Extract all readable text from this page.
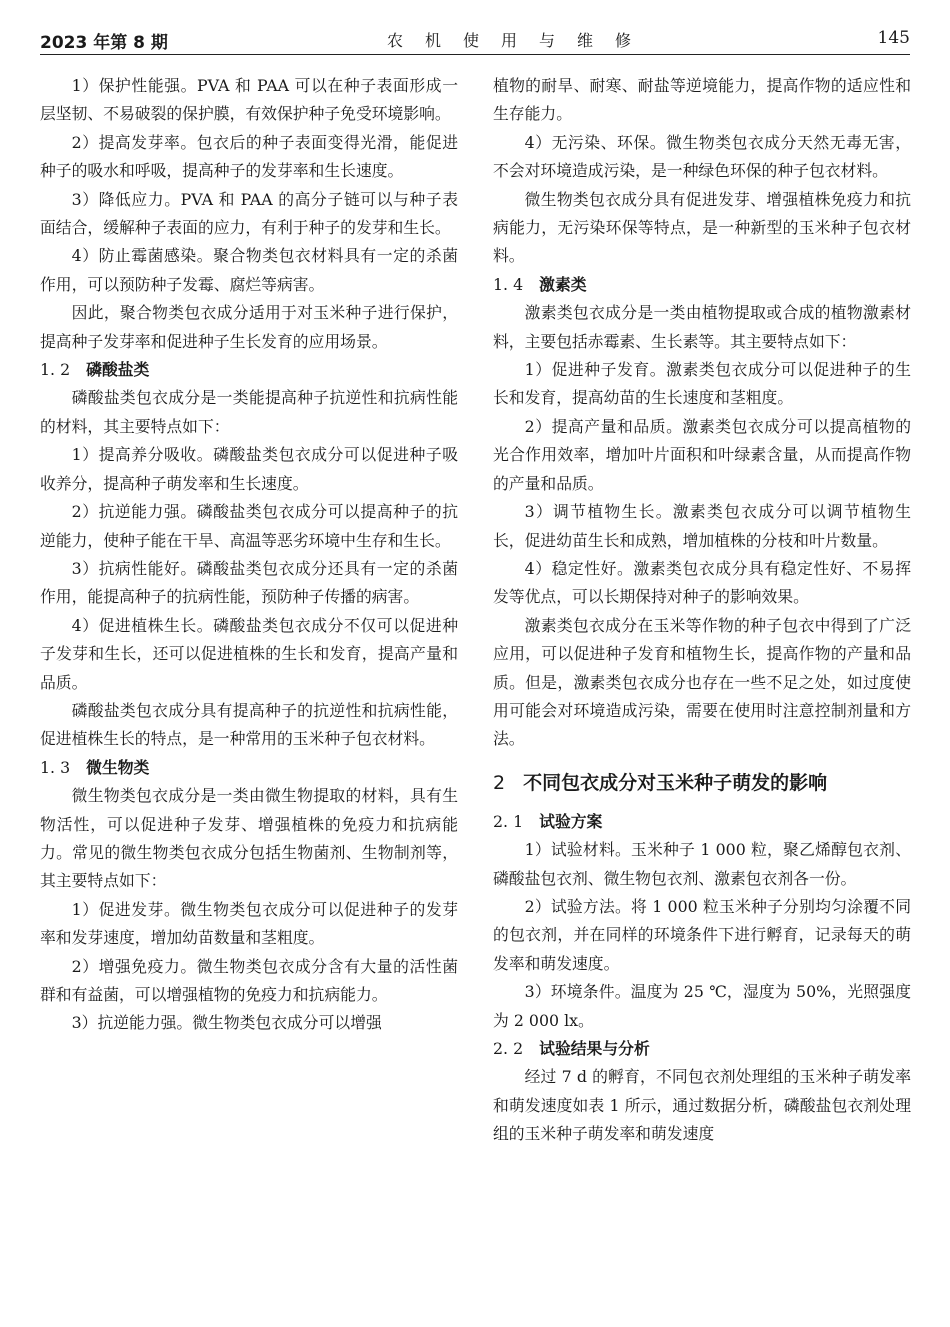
2023 年第 8 期	农机使用与维修	145

1）保护性能强。PVA 和 PAA 可以在种子表面形成一层坚韧、不易破裂的保护膜，有效保护种子免受环境影响。

2）提高发芽率。包衣后的种子表面变得光滑，能促进种子的吸水和呼吸，提高种子的发芽率和生长速度。

3）降低应力。PVA 和 PAA 的高分子链可以与种子表面结合，缓解种子表面的应力，有利于种子的发芽和生长。

4）防止霉菌感染。聚合物类包衣材料具有一定的杀菌作用，可以预防种子发霉、腐烂等病害。

因此，聚合物类包衣成分适用于对玉米种子进行保护，提高种子发芽率和促进种子生长发育的应用场景。

1. 2 磷酸盐类

磷酸盐类包衣成分是一类能提高种子抗逆性和抗病性能的材料，其主要特点如下：

1）提高养分吸收。磷酸盐类包衣成分可以促进种子吸收养分，提高种子萌发率和生长速度。

2）抗逆能力强。磷酸盐类包衣成分可以提高种子的抗逆能力，使种子能在干旱、高温等恶劣环境中生存和生长。

3）抗病性能好。磷酸盐类包衣成分还具有一定的杀菌作用，能提高种子的抗病性能，预防种子传播的病害。

4）促进植株生长。磷酸盐类包衣成分不仅可以促进种子发芽和生长，还可以促进植株的生长和发育，提高产量和品质。

磷酸盐类包衣成分具有提高种子的抗逆性和抗病性能，促进植株生长的特点，是一种常用的玉米种子包衣材料。

1. 3 微生物类

微生物类包衣成分是一类由微生物提取的材料，具有生物活性，可以促进种子发芽、增强植株的免疫力和抗病能力。常见的微生物类包衣成分包括生物菌剂、生物制剂等，其主要特点如下：

1）促进发芽。微生物类包衣成分可以促进种子的发芽率和发芽速度，增加幼苗数量和茎粗度。

2）增强免疫力。微生物类包衣成分含有大量的活性菌群和有益菌，可以增强植物的免疫力和抗病能力。

3）抗逆能力强。微生物类包衣成分可以增强

植物的耐旱、耐寒、耐盐等逆境能力，提高作物的适应性和生存能力。

4）无污染、环保。微生物类包衣成分天然无毒无害，不会对环境造成污染，是一种绿色环保的种子包衣材料。

微生物类包衣成分具有促进发芽、增强植株免疫力和抗病能力，无污染环保等特点，是一种新型的玉米种子包衣材料。

1. 4 激素类

激素类包衣成分是一类由植物提取或合成的植物激素材料，主要包括赤霉素、生长素等。其主要特点如下：

1）促进种子发育。激素类包衣成分可以促进种子的生长和发育，提高幼苗的生长速度和茎粗度。

2）提高产量和品质。激素类包衣成分可以提高植物的光合作用效率，增加叶片面积和叶绿素含量，从而提高作物的产量和品质。

3）调节植物生长。激素类包衣成分可以调节植物生长，促进幼苗生长和成熟，增加植株的分枝和叶片数量。

4）稳定性好。激素类包衣成分具有稳定性好、不易挥发等优点，可以长期保持对种子的影响效果。

激素类包衣成分在玉米等作物的种子包衣中得到了广泛应用，可以促进种子发育和植物生长，提高作物的产量和品质。但是，激素类包衣成分也存在一些不足之处，如过度使用可能会对环境造成污染，需要在使用时注意控制剂量和方法。

2 不同包衣成分对玉米种子萌发的影响
2. 1 试验方案

1）试验材料。玉米种子 1 000 粒，聚乙烯醇包衣剂、磷酸盐包衣剂、微生物包衣剂、激素包衣剂各一份。

2）试验方法。将 1 000 粒玉米种子分别均匀涂覆不同的包衣剂，并在同样的环境条件下进行孵育，记录每天的萌发率和萌发速度。

3）环境条件。温度为 25 ℃，湿度为 50%，光照强度为 2 000 lx。

2. 2 试验结果与分析

经过 7 d 的孵育，不同包衣剂处理组的玉米种子萌发率和萌发速度如表 1 所示，通过数据分析，磷酸盐包衣剂处理组的玉米种子萌发率和萌发速度
